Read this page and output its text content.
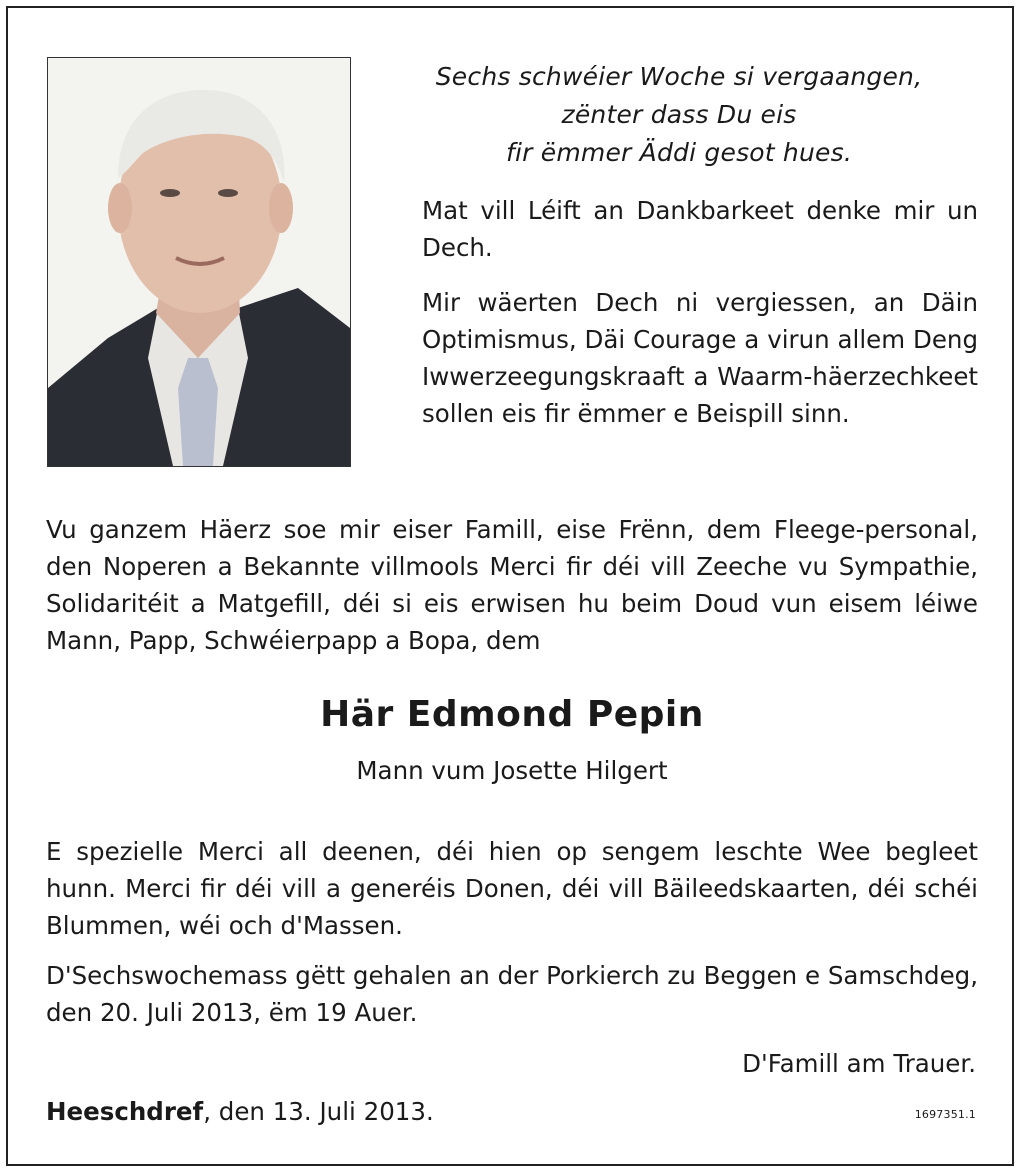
Sechs schwéier Woche si vergaangen,
zënter dass Du eis
fir ëmmer Äddi gesot hues.
Mat vill Léift an Dankbarkeet denke mir un Dech.
Mir wäerten Dech ni vergiessen, an Däin Optimismus, Däi Courage a virun allem Deng Iwwerzeegungskraaft a Waarm-häerzechkeet sollen eis fir ëmmer e Beispill sinn.
Vu ganzem Häerz soe mir eiser Famill, eise Frënn, dem Fleege-personal, den Noperen a Bekannte villmools Merci fir déi vill Zeeche vu Sympathie, Solidaritéit a Matgefill, déi si eis erwisen hu beim Doud vun eisem léiwe Mann, Papp, Schwéierpapp a Bopa, dem
Här Edmond Pepin
Mann vum Josette Hilgert
E spezielle Merci all deenen, déi hien op sengem leschte Wee begleet hunn. Merci fir déi vill a generéis Donen, déi vill Bäileedskaarten, déi schéi Blummen, wéi och d'Massen.
D'Sechswochemass gëtt gehalen an der Porkierch zu Beggen e Samschdeg, den 20. Juli 2013, ëm 19 Auer.
D'Famill am Trauer.
Heeschdref, den 13. Juli 2013.	1697351.1
